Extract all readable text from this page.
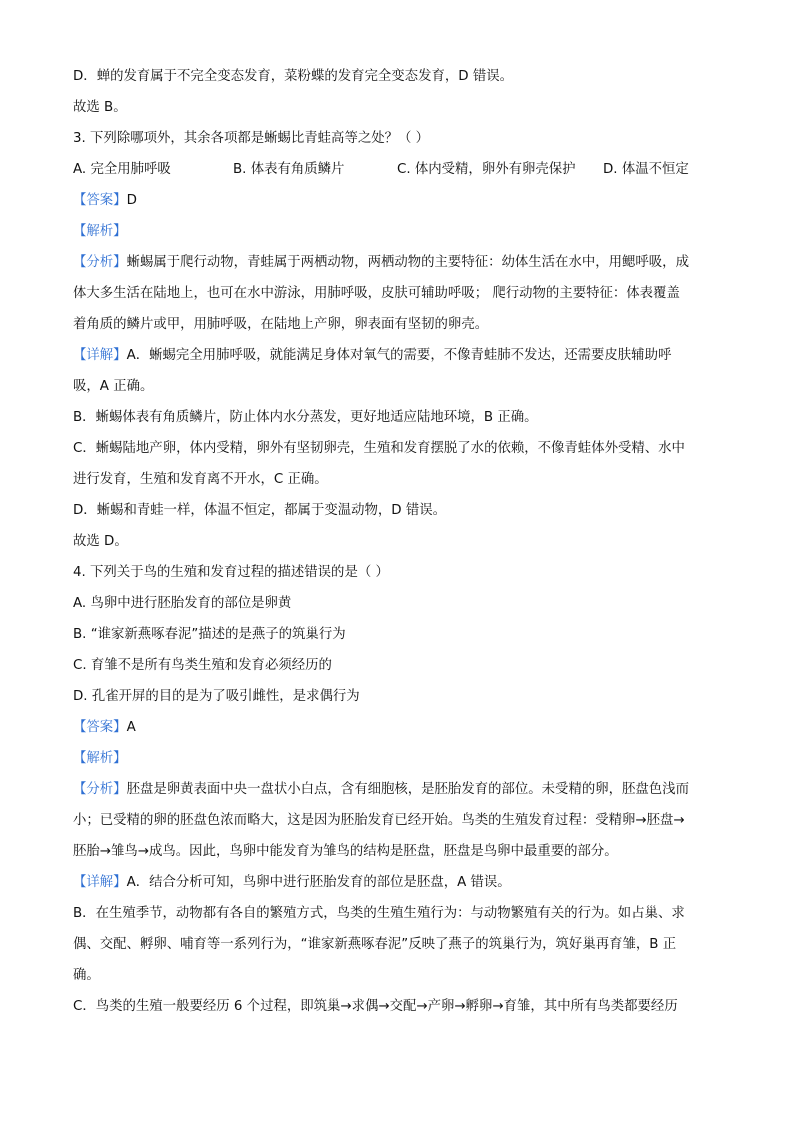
D．蝉的发育属于不完全变态发育，菜粉蝶的发育完全变态发育，D 错误。
故选 B。
3. 下列除哪项外，其余各项都是蜥蜴比青蛙高等之处？（ ）
A. 完全用肺呼吸	B. 体表有角质鳞片	C. 体内受精，卵外有卵壳保护	D. 体温不恒定
【答案】D
【解析】
【分析】蜥蜴属于爬行动物，青蛙属于两栖动物，两栖动物的主要特征：幼体生活在水中，用鳃呼吸，成
体大多生活在陆地上，也可在水中游泳，用肺呼吸，皮肤可辅助呼吸； 爬行动物的主要特征：体表覆盖
着角质的鳞片或甲，用肺呼吸，在陆地上产卵，卵表面有坚韧的卵壳。
【详解】A．蜥蜴完全用肺呼吸，就能满足身体对氧气的需要，不像青蛙肺不发达，还需要皮肤辅助呼
吸，A 正确。
B．蜥蜴体表有角质鳞片，防止体内水分蒸发，更好地适应陆地环境，B 正确。
C．蜥蜴陆地产卵，体内受精，卵外有坚韧卵壳，生殖和发育摆脱了水的依赖，不像青蛙体外受精、水中
进行发育，生殖和发育离不开水，C 正确。
D．蜥蜴和青蛙一样，体温不恒定，都属于变温动物，D 错误。
故选 D。
4. 下列关于鸟的生殖和发育过程的描述错误的是（ ）
A. 鸟卵中进行胚胎发育的部位是卵黄
B. “谁家新燕啄春泥”描述的是燕子的筑巢行为
C. 育雏不是所有鸟类生殖和发育必须经历的
D. 孔雀开屏的目的是为了吸引雌性，是求偶行为
【答案】A
【解析】
【分析】胚盘是卵黄表面中央一盘状小白点，含有细胞核，是胚胎发育的部位。未受精的卵，胚盘色浅而
小；已受精的卵的胚盘色浓而略大，这是因为胚胎发育已经开始。鸟类的生殖发育过程：受精卵→胚盘→
胚胎→雏鸟→成鸟。因此，鸟卵中能发育为雏鸟的结构是胚盘，胚盘是鸟卵中最重要的部分。
【详解】A．结合分析可知，鸟卵中进行胚胎发育的部位是胚盘，A 错误。
B．在生殖季节，动物都有各自的繁殖方式，鸟类的生殖生殖行为：与动物繁殖有关的行为。如占巢、求
偶、交配、孵卵、哺育等一系列行为，“谁家新燕啄春泥”反映了燕子的筑巢行为，筑好巢再育雏，B 正
确。
C．鸟类的生殖一般要经历 6 个过程，即筑巢→求偶→交配→产卵→孵卵→育雏，其中所有鸟类都要经历
